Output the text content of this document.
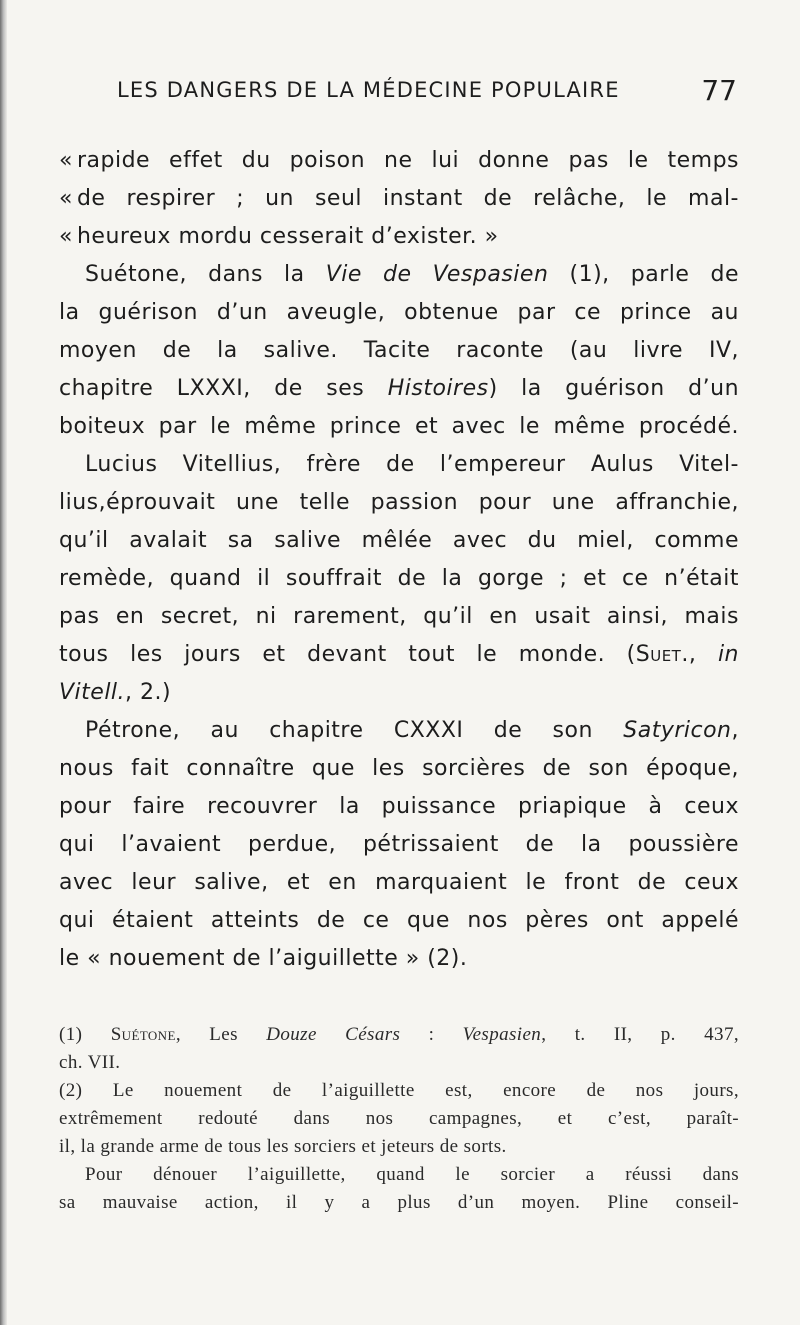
LES DANGERS DE LA MÉDECINE POPULAIRE	77
« rapide effet du poison ne lui donne pas le temps
« de respirer ; un seul instant de relâche, le mal-
« heureux mordu cesserait d’exister. »
Suétone, dans la Vie de Vespasien (1), parle de
la guérison d’un aveugle, obtenue par ce prince au
moyen de la salive. Tacite raconte (au livre IV,
chapitre LXXXI, de ses Histoires) la guérison d’un
boiteux par le même prince et avec le même procédé.
Lucius Vitellius, frère de l’empereur Aulus Vitel-
lius,éprouvait une telle passion pour une affranchie,
qu’il avalait sa salive mêlée avec du miel, comme
remède, quand il souffrait de la gorge ; et ce n’était
pas en secret, ni rarement, qu’il en usait ainsi, mais
tous les jours et devant tout le monde. (Suet., in
Vitell., 2.)
Pétrone, au chapitre CXXXI de son Satyricon,
nous fait connaître que les sorcières de son époque,
pour faire recouvrer la puissance priapique à ceux
qui l’avaient perdue, pétrissaient de la poussière
avec leur salive, et en marquaient le front de ceux
qui étaient atteints de ce que nos pères ont appelé
le « nouement de l’aiguillette » (2).
(1) Suétone, Les Douze Césars : Vespasien, t. II, p. 437,
ch. VII.
(2) Le nouement de l’aiguillette est, encore de nos jours,
extrêmement redouté dans nos campagnes, et c’est, paraît-
il, la grande arme de tous les sorciers et jeteurs de sorts.
Pour dénouer l’aiguillette, quand le sorcier a réussi dans
sa mauvaise action, il y a plus d’un moyen. Pline conseil-
